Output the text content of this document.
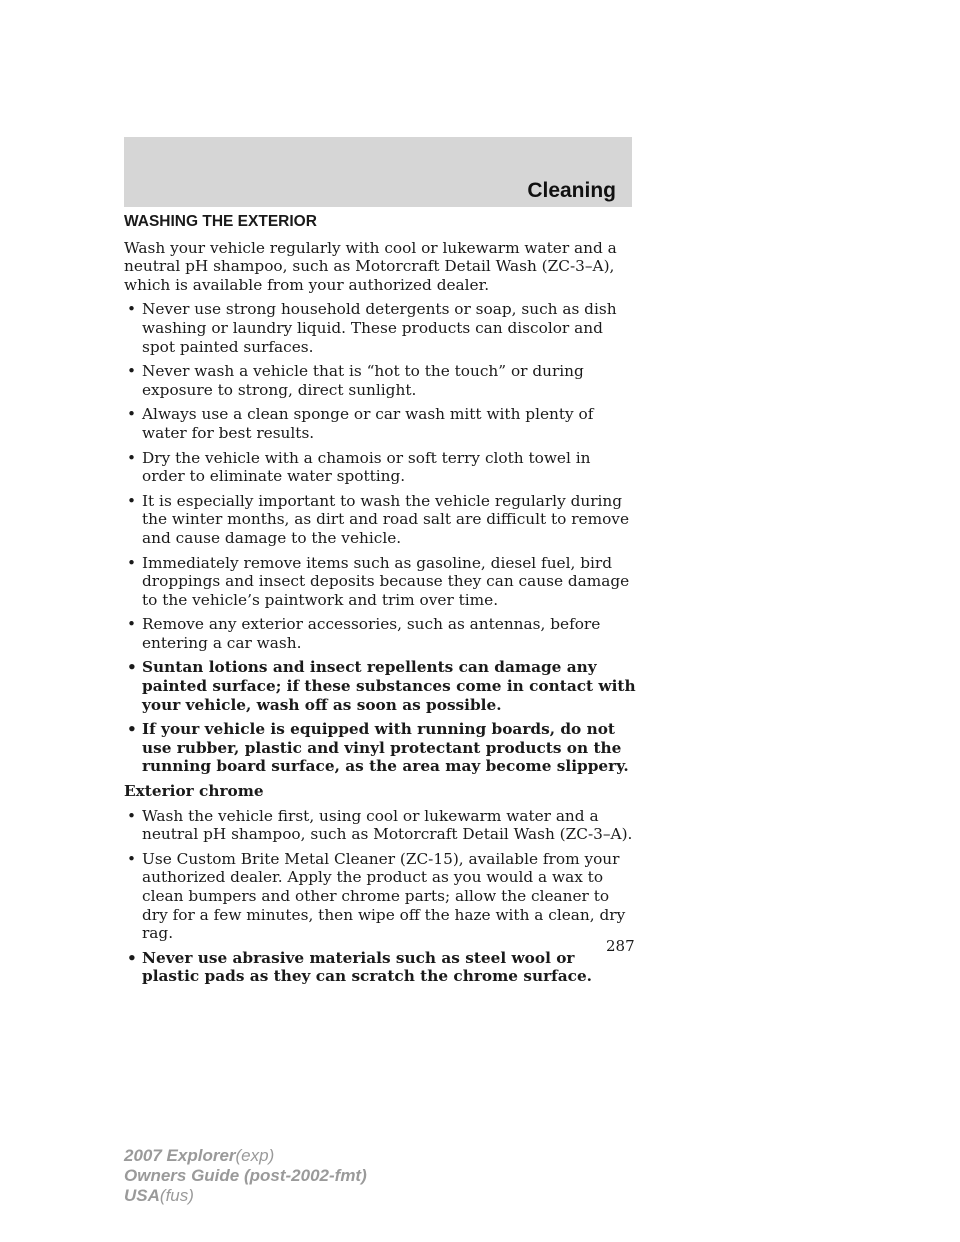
Cleaning
WASHING THE EXTERIOR

Wash your vehicle regularly with cool or lukewarm water and a neutral pH shampoo, such as Motorcraft Detail Wash (ZC-3–A), which is available from your authorized dealer.

• Never use strong household detergents or soap, such as dish washing or laundry liquid. These products can discolor and spot painted surfaces.
• Never wash a vehicle that is “hot to the touch” or during exposure to strong, direct sunlight.
• Always use a clean sponge or car wash mitt with plenty of water for best results.
• Dry the vehicle with a chamois or soft terry cloth towel in order to eliminate water spotting.
• It is especially important to wash the vehicle regularly during the winter months, as dirt and road salt are difficult to remove and cause damage to the vehicle.
• Immediately remove items such as gasoline, diesel fuel, bird droppings and insect deposits because they can cause damage to the vehicle’s paintwork and trim over time.
• Remove any exterior accessories, such as antennas, before entering a car wash.
• Suntan lotions and insect repellents can damage any painted surface; if these substances come in contact with your vehicle, wash off as soon as possible.
• If your vehicle is equipped with running boards, do not use rubber, plastic and vinyl protectant products on the running board surface, as the area may become slippery.
Exterior chrome
• Wash the vehicle first, using cool or lukewarm water and a neutral pH shampoo, such as Motorcraft Detail Wash (ZC-3–A).
• Use Custom Brite Metal Cleaner (ZC-15), available from your authorized dealer. Apply the product as you would a wax to clean bumpers and other chrome parts; allow the cleaner to dry for a few minutes, then wipe off the haze with a clean, dry rag.
• Never use abrasive materials such as steel wool or plastic pads as they can scratch the chrome surface.
287
2007 Explorer(exp)
Owners Guide (post-2002-fmt)
USA(fus)
